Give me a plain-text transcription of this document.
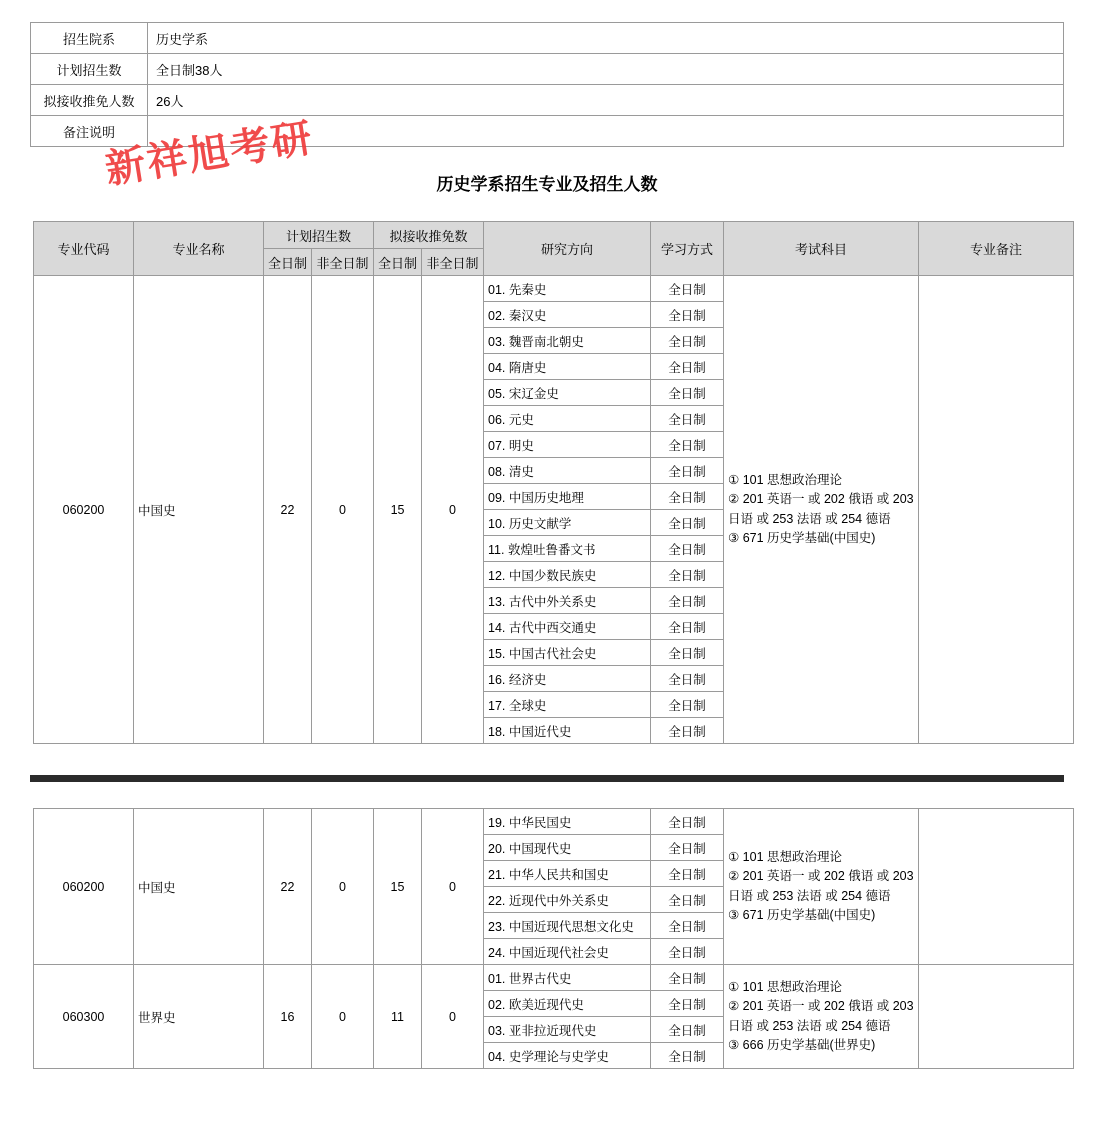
招生院系	历史学系
计划招生数	全日制38人
拟接收推免人数	26人
备注说明	
新祥旭考研	历史学系招生专业及招生人数
专业代码	专业名称	计划招生数		拟接收推免数		研究方向	学习方式	考试科目	专业备注
		全日制	非全日制	全日制	非全日制				
060200	中国史	22	0	15	0	01. 先秦史	全日制	① 101 思想政治理论
② 201 英语一 或 202 俄语 或 203 日语 或 253 法语 或 254 德语
③ 671 历史学基础(中国史)	
						02. 秦汉史	全日制		
						03. 魏晋南北朝史	全日制		
						04. 隋唐史	全日制		
						05. 宋辽金史	全日制		
						06. 元史	全日制		
						07. 明史	全日制		
						08. 清史	全日制		
						09. 中国历史地理	全日制		
						10. 历史文献学	全日制		
						11. 敦煌吐鲁番文书	全日制		
						12. 中国少数民族史	全日制		
						13. 古代中外关系史	全日制		
						14. 古代中西交通史	全日制		
						15. 中国古代社会史	全日制		
						16. 经济史	全日制		
						17. 全球史	全日制		
						18. 中国近代史	全日制		
060200	中国史	22	0	15	0	19. 中华民国史	全日制	① 101 思想政治理论
② 201 英语一 或 202 俄语 或 203 日语 或 253 法语 或 254 德语
③ 671 历史学基础(中国史)	
						20. 中国现代史	全日制		
						21. 中华人民共和国史	全日制		
						22. 近现代中外关系史	全日制		
						23. 中国近现代思想文化史	全日制		
						24. 中国近现代社会史	全日制		
060300	世界史	16	0	11	0	01. 世界古代史	全日制	① 101 思想政治理论
② 201 英语一 或 202 俄语 或 203 日语 或 253 法语 或 254 德语
③ 666 历史学基础(世界史)	
						02. 欧美近现代史	全日制		
						03. 亚非拉近现代史	全日制		
						04. 史学理论与史学史	全日制		
